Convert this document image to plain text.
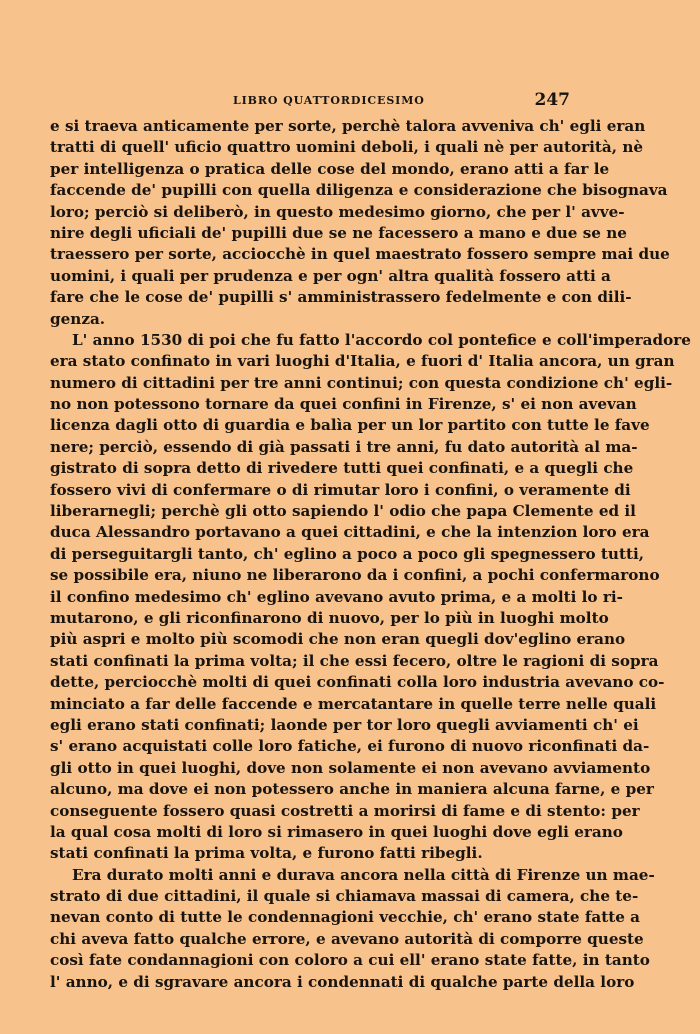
LIBRO QUATTORDICESIMO	247
e si traeva anticamente per sorte, perchè talora avveniva ch' egli eran
tratti di quell' uficio quattro uomini deboli, i quali nè per autorità, nè
per intelligenza o pratica delle cose del mondo, erano atti a far le
faccende de' pupilli con quella diligenza e considerazione che bisognava
loro; perciò si deliberò, in questo medesimo giorno, che per l' avve-
nire degli uficiali de' pupilli due se ne facessero a mano e due se ne
traessero per sorte, acciocchè in quel maestrato fossero sempre mai due
uomini, i quali per prudenza e per ogn' altra qualità fossero atti a
fare che le cose de' pupilli s' amministrassero fedelmente e con dili-
genza.
L' anno 1530 di poi che fu fatto l'accordo col pontefice e coll'imperadore
era stato confinato in vari luoghi d'Italia, e fuori d' Italia ancora, un gran
numero di cittadini per tre anni continui; con questa condizione ch' egli-
no non potessono tornare da quei confini in Firenze, s' ei non avevan
licenza dagli otto di guardia e balìa per un lor partito con tutte le fave
nere; perciò, essendo di già passati i tre anni, fu dato autorità al ma-
gistrato di sopra detto di rivedere tutti quei confinati, e a quegli che
fossero vivi di confermare o di rimutar loro i confini, o veramente di
liberarnegli; perchè gli otto sapiendo l' odio che papa Clemente ed il
duca Alessandro portavano a quei cittadini, e che la intenzion loro era
di perseguitargli tanto, ch' eglino a poco a poco gli spegnessero tutti,
se possibile era, niuno ne liberarono da i confini, a pochi confermarono
il confino medesimo ch' eglino avevano avuto prima, e a molti lo ri-
mutarono, e gli riconfinarono di nuovo, per lo più in luoghi molto
più aspri e molto più scomodi che non eran quegli dov'eglino erano
stati confinati la prima volta; il che essi fecero, oltre le ragioni di sopra
dette, perciocchè molti di quei confinati colla loro industria avevano co-
minciato a far delle faccende e mercatantare in quelle terre nelle quali
egli erano stati confinati; laonde per tor loro quegli avviamenti ch' ei
s' erano acquistati colle loro fatiche, ei furono di nuovo riconfinati da-
gli otto in quei luoghi, dove non solamente ei non avevano avviamento
alcuno, ma dove ei non potessero anche in maniera alcuna farne, e per
conseguente fossero quasi costretti a morirsi di fame e di stento: per
la qual cosa molti di loro si rimasero in quei luoghi dove egli erano
stati confinati la prima volta, e furono fatti ribegli.
Era durato molti anni e durava ancora nella città di Firenze un mae-
strato di due cittadini, il quale si chiamava massai di camera, che te-
nevan conto di tutte le condennagioni vecchie, ch' erano state fatte a
chi aveva fatto qualche errore, e avevano autorità di comporre queste
così fate condannagioni con coloro a cui ell' erano state fatte, in tanto
l' anno, e di sgravare ancora i condennati di qualche parte della loro
